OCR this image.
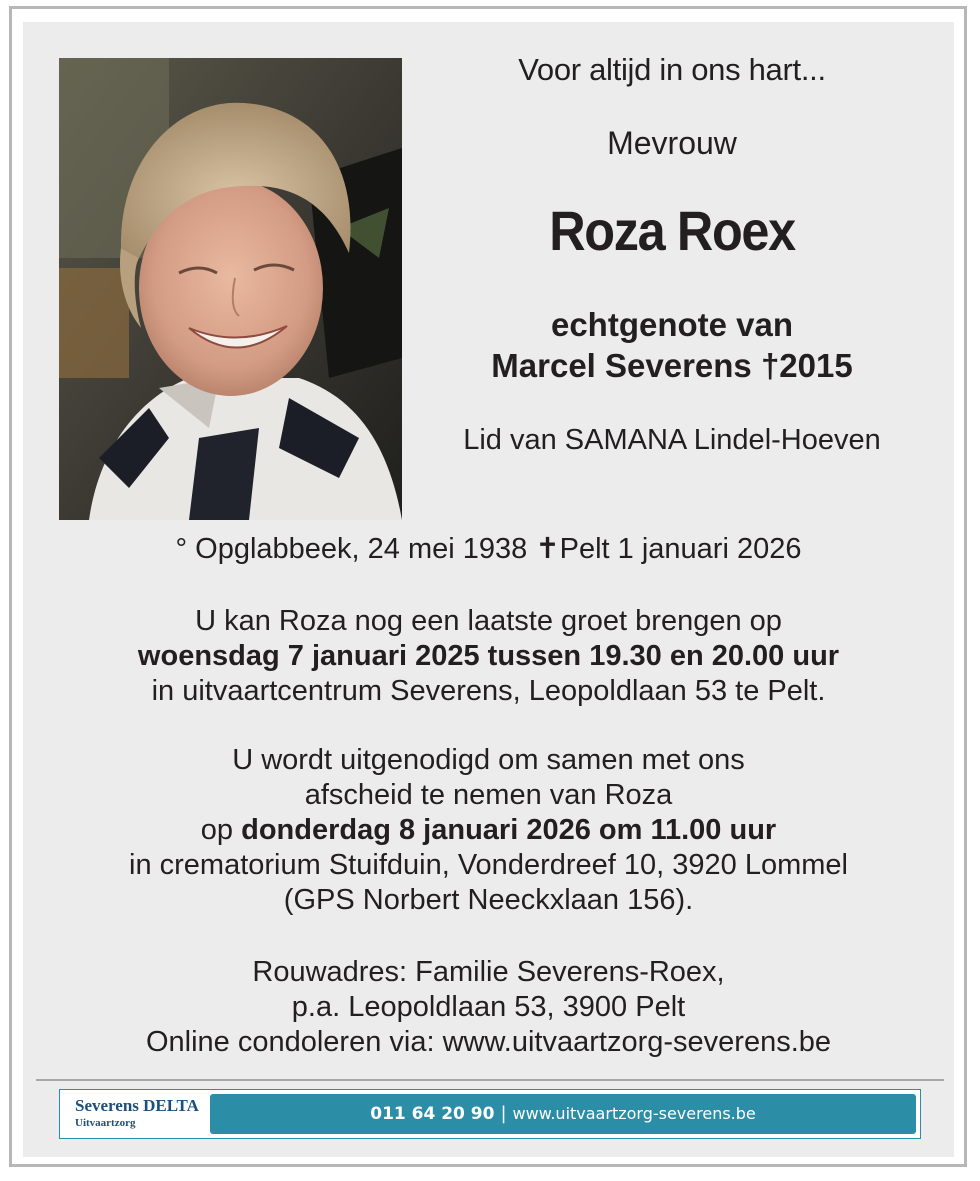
Voor altijd in ons hart...
Mevrouw
Roza Roex
echtgenote van
Marcel Severens †2015
Lid van SAMANA Lindel-Hoeven
° Opglabbeek, 24 mei 1938 ✝Pelt 1 januari 2026
U kan Roza nog een laatste groet brengen op
woensdag 7 januari 2025 tussen 19.30 en 20.00 uur
in uitvaartcentrum Severens, Leopoldlaan 53 te Pelt.
U wordt uitgenodigd om samen met ons
afscheid te nemen van Roza
op donderdag 8 januari 2026 om 11.00 uur
in crematorium Stuifduin, Vonderdreef 10, 3920 Lommel
(GPS Norbert Neeckxlaan 156).
Rouwadres: Familie Severens-Roex,
p.a. Leopoldlaan 53, 3900 Pelt
Online condoleren via: www.uitvaartzorg-severens.be
Severens DELTA
Uitvaartzorg	011 64 20 90 | www.uitvaartzorg-severens.be
